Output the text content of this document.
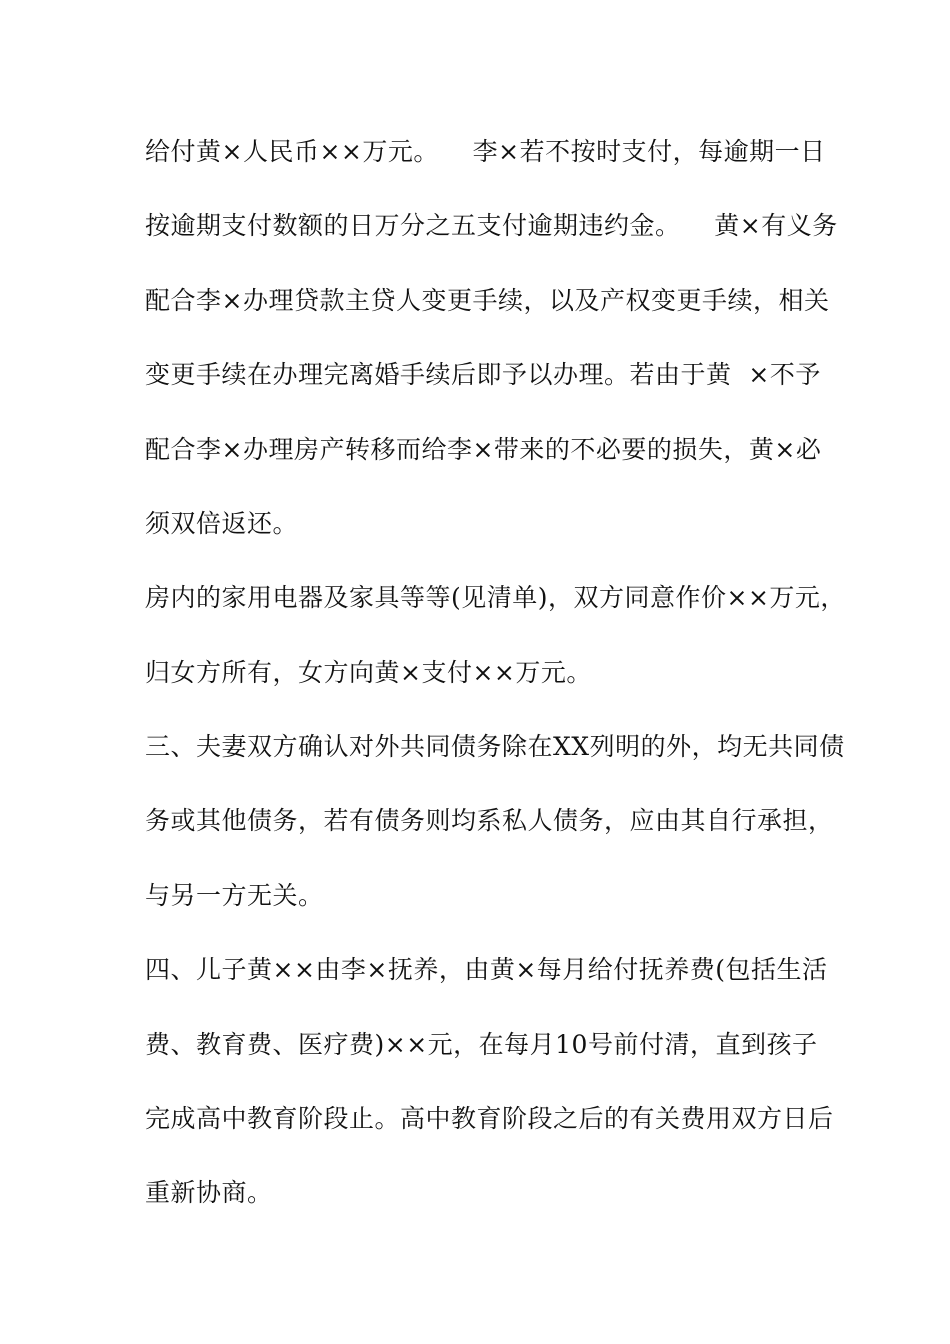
给付黄×人民币××万元。    李×若不按时支付，每逾期一日
按逾期支付数额的日万分之五支付逾期违约金。    黄×有义务
配合李×办理贷款主贷人变更手续，以及产权变更手续，相关
变更手续在办理完离婚手续后即予以办理。若由于黄  ×不予
配合李×办理房产转移而给李×带来的不必要的损失，黄×必
须双倍返还。
房内的家用电器及家具等等(见清单)，双方同意作价××万元，
归女方所有，女方向黄×支付××万元。
三、夫妻双方确认对外共同债务除在XX列明的外，均无共同债
务或其他债务，若有债务则均系私人债务，应由其自行承担，
与另一方无关。
四、儿子黄××由李×抚养，由黄×每月给付抚养费(包括生活
费、教育费、医疗费)××元，在每月10号前付清，直到孩子
完成高中教育阶段止。高中教育阶段之后的有关费用双方日后
重新协商。
